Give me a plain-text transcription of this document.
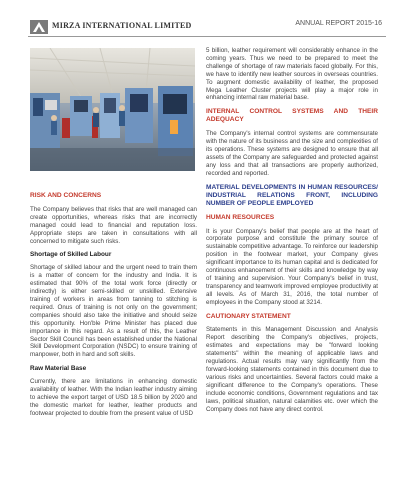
MIRZA INTERNATIONAL LIMITED	ANNUAL REPORT 2015-16
RISK AND CONCERNS

The Company believes that risks that are well managed can create opportunities, whereas risks that are incorrectly managed could lead to financial and reputation loss. Appropriate steps are taken in consultations with all concerned to mitigate such risks.

Shortage of Skilled Labour

Shortage of skilled labour and the urgent need to train them is a matter of concern for the industry and India. It is estimated that 90% of the total work force (directly or indirectly) is either semi-skilled or unskilled. Extensive training of workers in areas from tanning to stitching is required. Onus of training is not only on the government; companies should also take the initiative and should seize this opportunity. Hon'ble Prime Minister has placed due importance in this regard. As a result of this, the Leather Sector Skill Council has been established under the National Skill Development Corporation (NSDC) to ensure training of manpower, both in hard and soft skills.

Raw Material Base

Currently, there are limitations in enhancing domestic availability of leather. With the Indian leather industry aiming to achieve the export target of USD 18.5 billion by 2020 and the domestic market for leather, leather products and footwear projected to double from the present value of USD

5 billion, leather requirement will considerably enhance in the coming years. Thus we need to be prepared to meet the challenge of shortage of raw materials faced globally. For this, we have to identify new leather sources in overseas countries. To augment domestic availability of leather, the proposed Mega Leather Cluster projects will play a major role in enhancing internal raw material base.

INTERNAL CONTROL SYSTEMS AND THEIR ADEQUACY

The Company's internal control systems are commensurate with the nature of its business and the size and complexities of its operations. These systems are designed to ensure that all assets of the Company are safeguarded and protected against any loss and that all transactions are properly authorized, recorded and reported.

MATERIAL DEVELOPMENTS IN HUMAN RESOURCES/ INDUSTRIAL RELATIONS FRONT, INCLUDING NUMBER OF PEOPLE EMPLOYED
HUMAN RESOURCES

It is your Company's belief that people are at the heart of corporate purpose and constitute the primary source of sustainable competitive advantage. To reinforce our leadership position in the footwear market, your Company gives significant importance to its human capital and is dedicated for continuous enhancement of their skills and knowledge by way of training and supervision. Your Company's belief in trust, transparency and teamwork improved employee productivity at all levels. As of March 31, 2016, the total number of employees in the Company stood at 3214.

CAUTIONARY STATEMENT

Statements in this Management Discussion and Analysis Report describing the Company's objectives, projects, estimates and expectations may be "forward looking statements" within the meaning of applicable laws and regulations. Actual results may vary significantly from the forward-looking statements contained in this document due to various risks and uncertainties. Several factors could make a significant difference to the Company's operations. These include economic conditions, Government regulations and tax laws, political situation, natural calamities etc. over which the Company does not have any direct control.
